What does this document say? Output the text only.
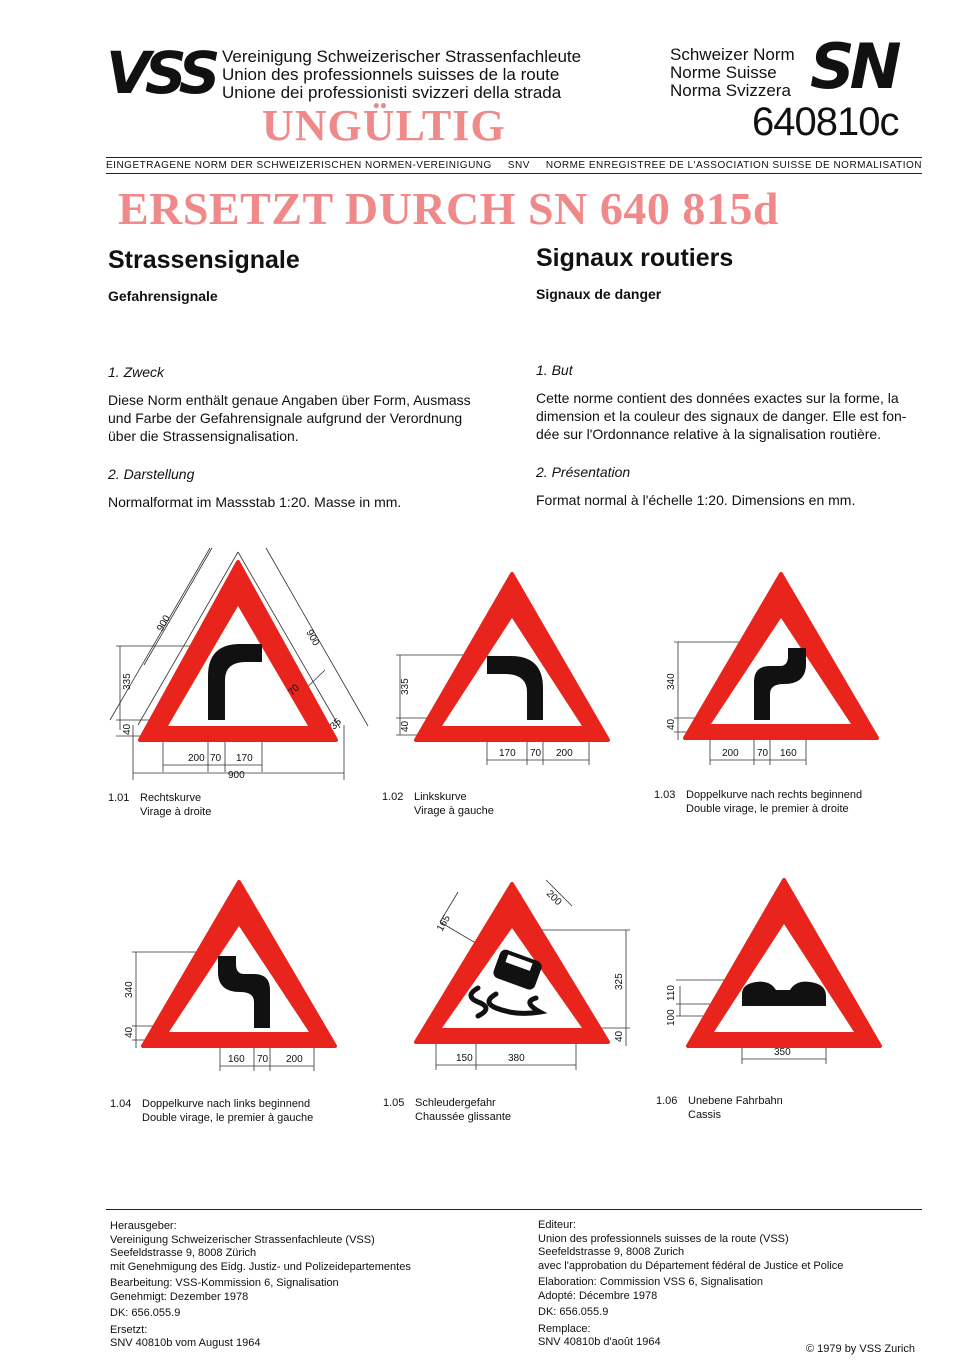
VSS Vereinigung Schweizerischer Strassenfachleute
Union des professionnels suisses de la route
Unione dei professionisti svizzeri della strada
Schweizer Norm
Norme Suisse
Norma Svizzera SN
640810c
UNGÜLTIG
EINGETRAGENE NORM DER SCHWEIZERISCHEN NORMEN-VEREINIGUNG SNV NORME ENREGISTREE DE L'ASSOCIATION SUISSE DE NORMALISATION
ERSETZT DURCH SN 640 815d
Strassensignale	Signaux routiers
Gefahrensignale	Signaux de danger
1. Zweck	1. But
Diese Norm enthält genaue Angaben über Form, Ausmass
und Farbe der Gefahrensignale aufgrund der Verordnung
über die Strassensignalisation.
Cette norme contient des données exactes sur la forme, la
dimension et la couleur des signaux de danger. Elle est fon-
dée sur l'Ordonnance relative à la signalisation routière.
2. Darstellung	2. Présentation
Normalformat im Massstab 1:20. Masse in mm.	Format normal à l'échelle 1:20. Dimensions en mm.
200 70 170
900
900
900
335
40
70
35
1.01 Rechtskurve
Virage à droite
170 70 200
335
40
1.02 Linkskurve
Virage à gauche
200 70 160
340
40
1.03 Doppelkurve nach rechts beginnend
Double virage, le premier à droite
160 70 200
340
40
1.04 Doppelkurve nach links beginnend
Double virage, le premier à gauche
150	380
325
40
200
165
1.05 Schleudergefahr
Chaussée glissante
350
110
100
1.06 Unebene Fahrbahn
Cassis

Herausgeber:
Vereinigung Schweizerischer Strassenfachleute (VSS)
Seefeldstrasse 9, 8008 Zürich
mit Genehmigung des Eidg. Justiz- und Polizeidepartementes

Bearbeitung: VSS-Kommission 6, Signalisation
Genehmigt: Dezember 1978

DK: 656.055.9

Ersetzt:
SNV 40810b vom August 1964

Editeur:
Union des professionnels suisses de la route (VSS)
Seefeldstrasse 9, 8008 Zurich
avec l'approbation du Département fédéral de Justice et Police

Elaboration: Commission VSS 6, Signalisation
Adopté: Décembre 1978

DK: 656.055.9

Remplace:
SNV 40810b d'août 1964

© 1979 by VSS Zurich
